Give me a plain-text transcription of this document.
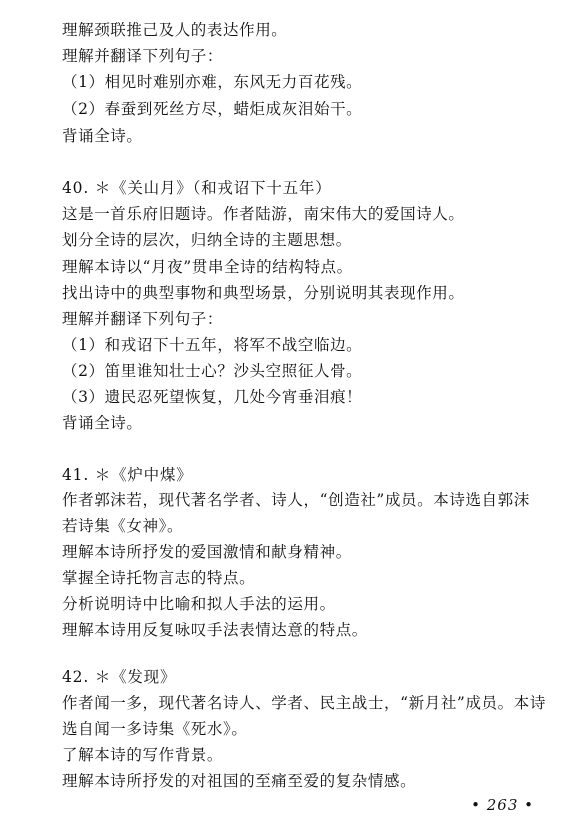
理解颈联推己及人的表达作用。
理解并翻译下列句子：
（1）相见时难别亦难，东风无力百花残。
（2）春蚕到死丝方尽，蜡炬成灰泪始干。
背诵全诗。
40. ＊《关山月》（和戎诏下十五年）
这是一首乐府旧题诗。作者陆游，南宋伟大的爱国诗人。
划分全诗的层次，归纳全诗的主题思想。
理解本诗以“月夜”贯串全诗的结构特点。
找出诗中的典型事物和典型场景，分别说明其表现作用。
理解并翻译下列句子：
（1）和戎诏下十五年，将军不战空临边。
（2）笛里谁知壮士心？沙头空照征人骨。
（3）遗民忍死望恢复，几处今宵垂泪痕！
背诵全诗。
41. ＊《炉中煤》
作者郭沫若，现代著名学者、诗人，“创造社”成员。本诗选自郭沫
若诗集《女神》。
理解本诗所抒发的爱国激情和献身精神。
掌握全诗托物言志的特点。
分析说明诗中比喻和拟人手法的运用。
理解本诗用反复咏叹手法表情达意的特点。
42. ＊《发现》
作者闻一多，现代著名诗人、学者、民主战士，“新月社”成员。本诗
选自闻一多诗集《死水》。
了解本诗的写作背景。
理解本诗所抒发的对祖国的至痛至爱的复杂情感。
• 263 •
